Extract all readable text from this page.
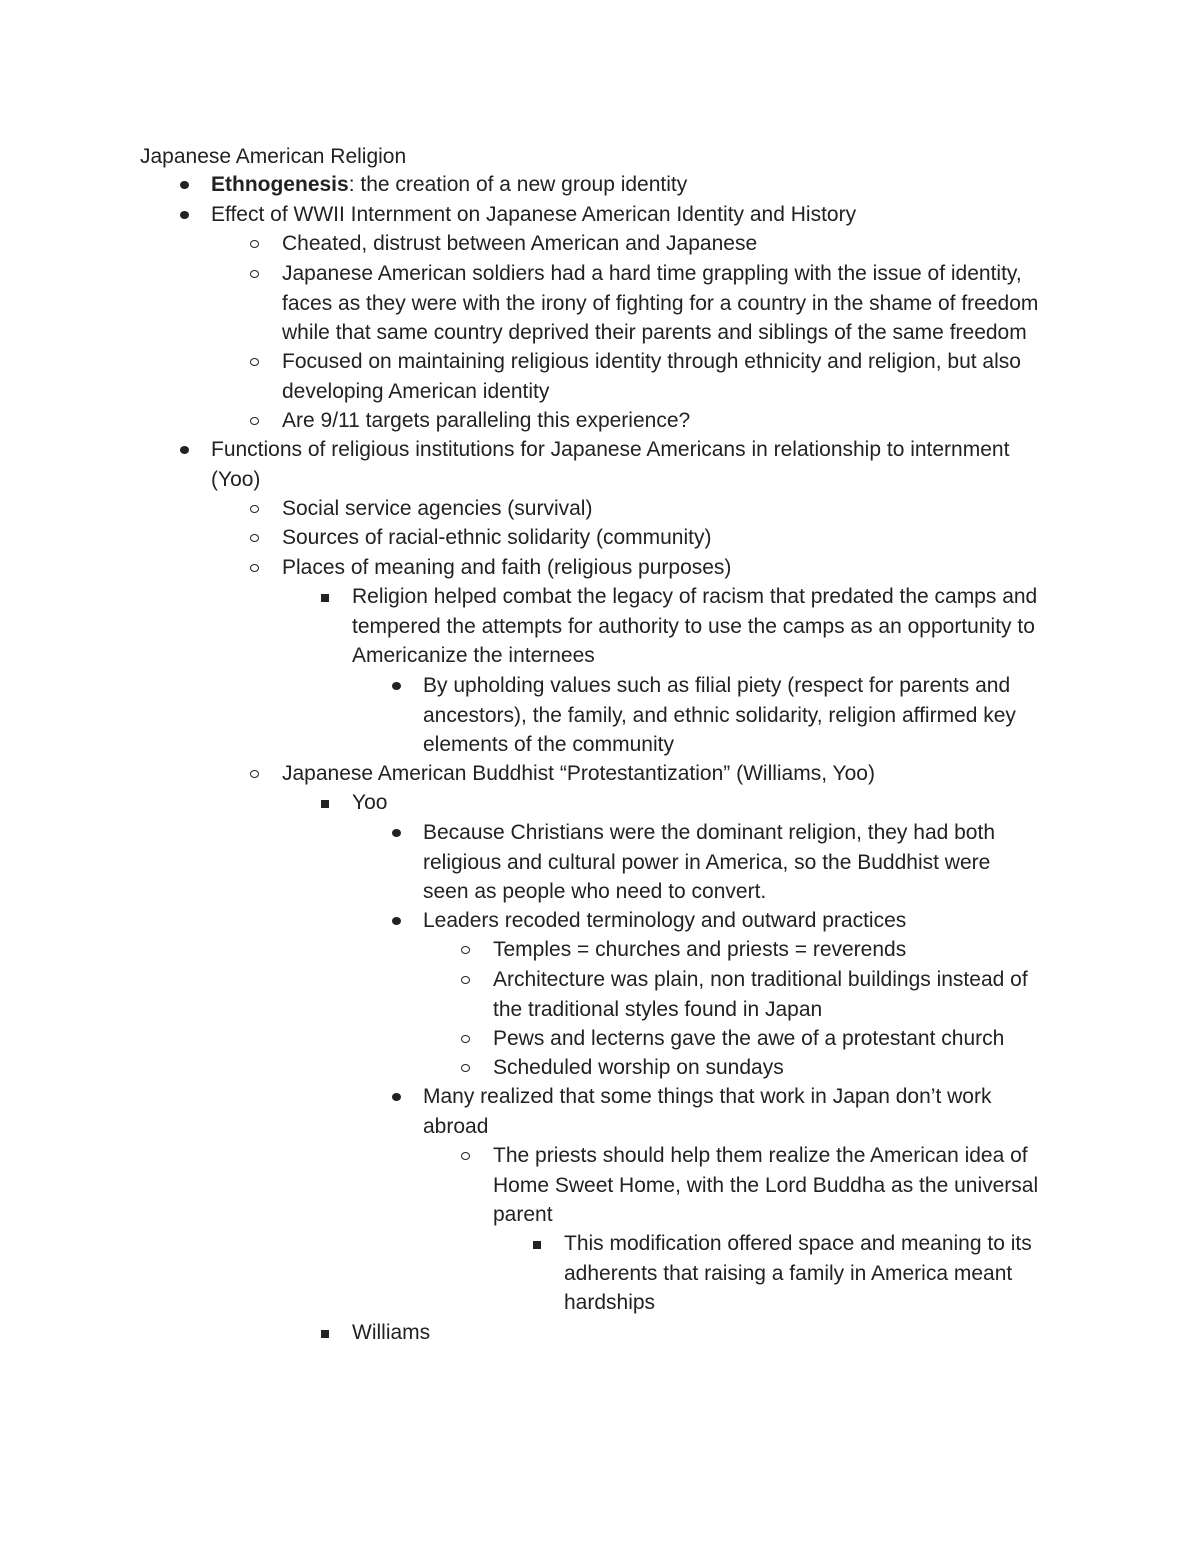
Japanese American Religion
Ethnogenesis: the creation of a new group identity
Effect of WWII Internment on Japanese American Identity and History
Cheated, distrust between American and Japanese
Japanese American soldiers had a hard time grappling with the issue of identity,
faces as they were with the irony of fighting for a country in the shame of freedom
while that same country deprived their parents and siblings of the same freedom
Focused on maintaining religious identity through ethnicity and religion, but also
developing American identity
Are 9/11 targets paralleling this experience?
Functions of religious institutions for Japanese Americans in relationship to internment
(Yoo)
Social service agencies (survival)
Sources of racial-ethnic solidarity (community)
Places of meaning and faith (religious purposes)
Religion helped combat the legacy of racism that predated the camps and
tempered the attempts for authority to use the camps as an opportunity to
Americanize the internees
By upholding values such as filial piety (respect for parents and
ancestors), the family, and ethnic solidarity, religion affirmed key
elements of the community
Japanese American Buddhist “Protestantization” (Williams, Yoo)
Yoo
Because Christians were the dominant religion, they had both
religious and cultural power in America, so the Buddhist were
seen as people who need to convert.
Leaders recoded terminology and outward practices
Temples = churches and priests = reverends
Architecture was plain, non traditional buildings instead of
the traditional styles found in Japan
Pews and lecterns gave the awe of a protestant church
Scheduled worship on sundays
Many realized that some things that work in Japan don’t work
abroad
The priests should help them realize the American idea of
Home Sweet Home, with the Lord Buddha as the universal
parent
This modification offered space and meaning to its
adherents that raising a family in America meant
hardships
Williams
